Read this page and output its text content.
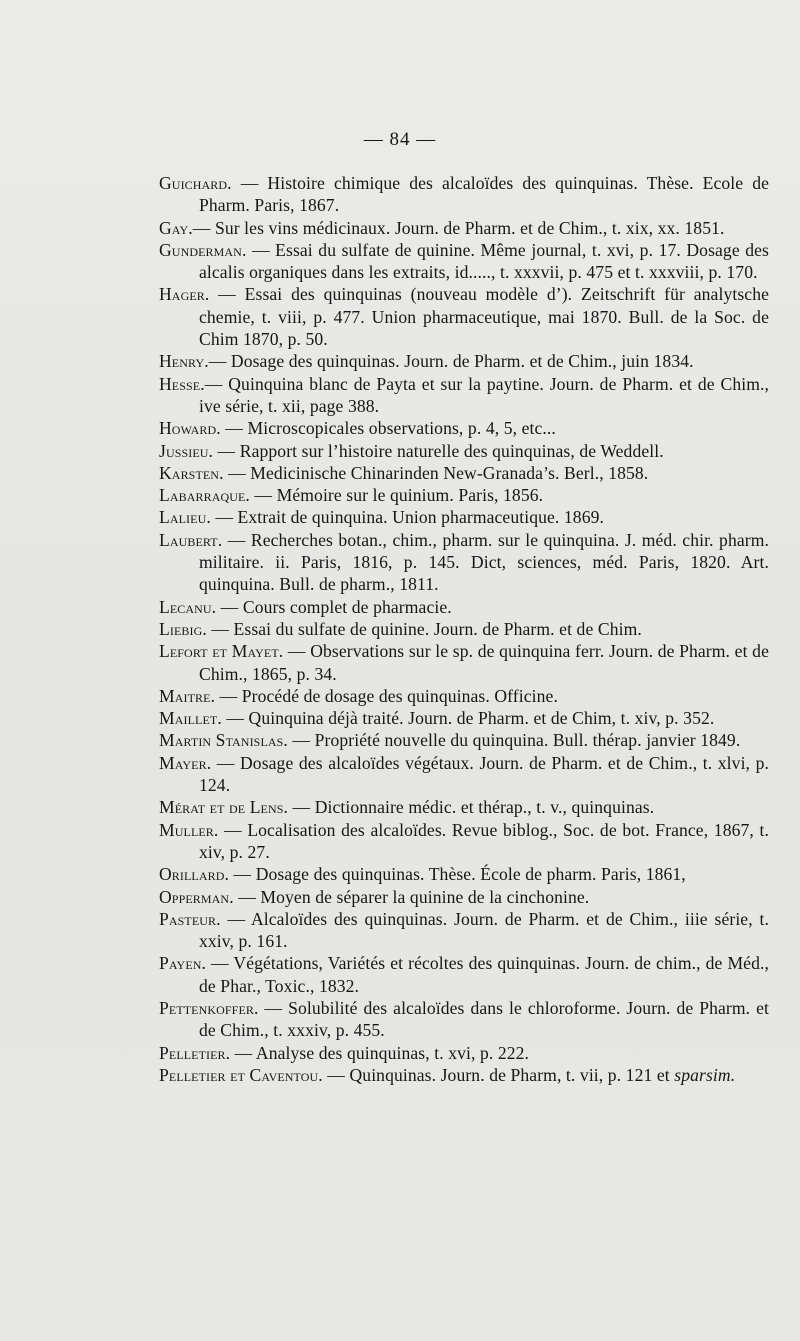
— 84 —
Guichard. — Histoire chimique des alcaloïdes des quinquinas. Thèse. Ecole de Pharm. Paris, 1867.
Gay.— Sur les vins médicinaux. Journ. de Pharm. et de Chim., t. xix, xx. 1851.
Gunderman. — Essai du sulfate de quinine. Même journal, t. xvi, p. 17. Dosage des alcalis organiques dans les extraits, id....., t. xxxvii, p. 475 et t. xxxviii, p. 170.
Hager. — Essai des quinquinas (nouveau modèle d’). Zeitschrift für analytsche chemie, t. viii, p. 477. Union pharmaceutique, mai 1870. Bull. de la Soc. de Chim 1870, p. 50.
Henry.— Dosage des quinquinas. Journ. de Pharm. et de Chim., juin 1834.
Hesse.— Quinquina blanc de Payta et sur la paytine. Journ. de Pharm. et de Chim., ive série, t. xii, page 388.
Howard. — Microscopicales observations, p. 4, 5, etc...
Jussieu. — Rapport sur l’histoire naturelle des quinquinas, de Weddell.
Karsten. — Medicinische Chinarinden New-Granada’s. Berl., 1858.
Labarraque. — Mémoire sur le quinium. Paris, 1856.
Lalieu. — Extrait de quinquina. Union pharmaceutique. 1869.
Laubert. — Recherches botan., chim., pharm. sur le quinquina. J. méd. chir. pharm. militaire. ii. Paris, 1816, p. 145. Dict, sciences, méd. Paris, 1820. Art. quinquina. Bull. de pharm., 1811.
Lecanu. — Cours complet de pharmacie.
Liebig. — Essai du sulfate de quinine. Journ. de Pharm. et de Chim.
Lefort et Mayet. — Observations sur le sp. de quinquina ferr. Journ. de Pharm. et de Chim., 1865, p. 34.
Maitre. — Procédé de dosage des quinquinas. Officine.
Maillet. — Quinquina déjà traité. Journ. de Pharm. et de Chim, t. xiv, p. 352.
Martin Stanislas. — Propriété nouvelle du quinquina. Bull. thérap. janvier 1849.
Mayer. — Dosage des alcaloïdes végétaux. Journ. de Pharm. et de Chim., t. xlvi, p. 124.
Mérat et de Lens. — Dictionnaire médic. et thérap., t. v., quinquinas.
Muller. — Localisation des alcaloïdes. Revue biblog., Soc. de bot. France, 1867, t. xiv, p. 27.
Orillard. — Dosage des quinquinas. Thèse. École de pharm. Paris, 1861,
Opperman. — Moyen de séparer la quinine de la cinchonine.
Pasteur. — Alcaloïdes des quinquinas. Journ. de Pharm. et de Chim., iiie série, t. xxiv, p. 161.
Payen. — Végétations, Variétés et récoltes des quinquinas. Journ. de chim., de Méd., de Phar., Toxic., 1832.
Pettenkoffer. — Solubilité des alcaloïdes dans le chloroforme. Journ. de Pharm. et de Chim., t. xxxiv, p. 455.
Pelletier. — Analyse des quinquinas, t. xvi, p. 222.
Pelletier et Caventou. — Quinquinas. Journ. de Pharm, t. vii, p. 121 et sparsim.
